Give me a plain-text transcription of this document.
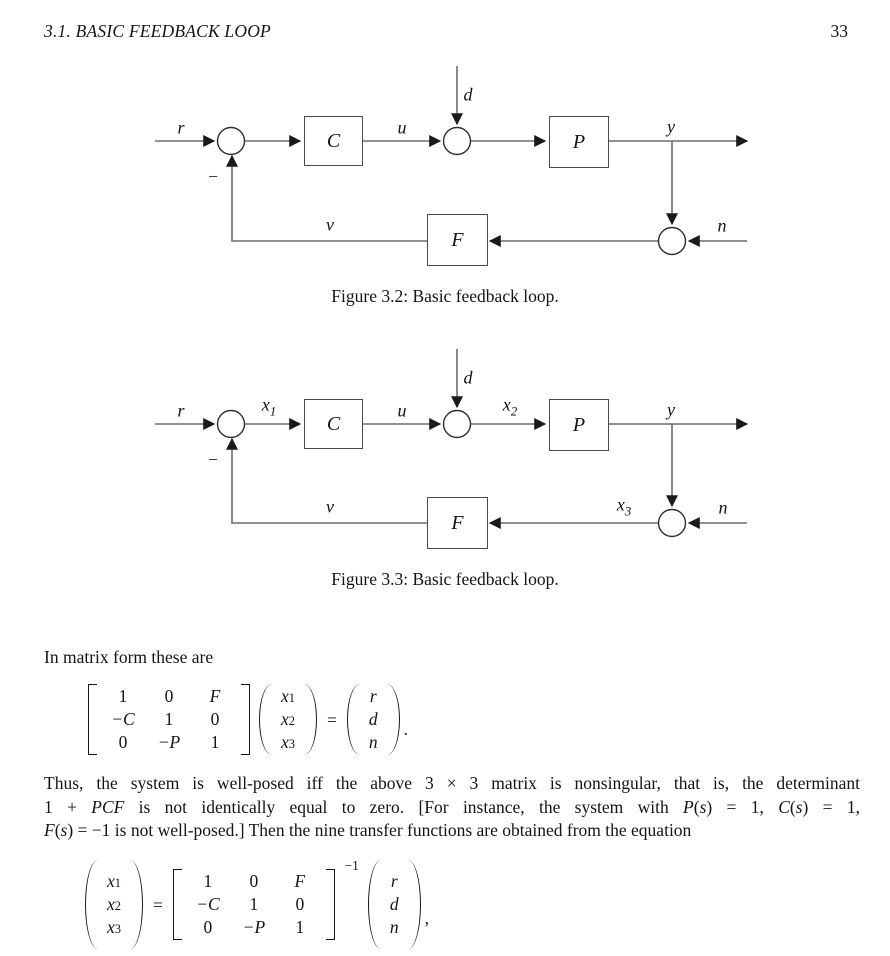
3.1. BASIC FEEDBACK LOOP	33
C	P
F
r	u
d
y
n
v
−
Figure 3.2: Basic feedback loop.
C	P
F
r	$x_1$	u
d
$x_2$	y
$x_3$	n
v
−
Figure 3.3: Basic feedback loop.
In matrix form these are
1	0	F
−C	1	0
0	−P	1
x 1
x 2
x 3
=
r
d
n
.
Thus, the system is well-posed iff the above 3 × 3 matrix is nonsingular, that is, the determinant
1 + PCF is not identically equal to zero. [For instance, the system with P(s) = 1, C(s) = 1,
F(s) = −1 is not well-posed.] Then the nine transfer functions are obtained from the equation
x 1
x 2
x 3
=
1	0	F
−C	1	0
0	−P	1
−1
r
d
n ,
